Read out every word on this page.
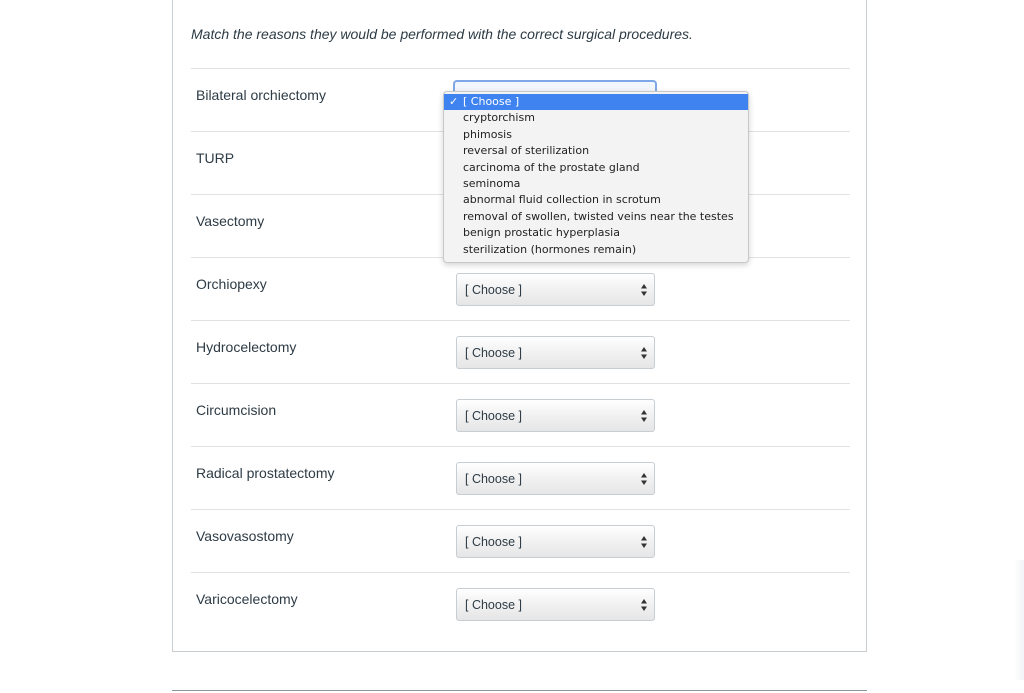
Match the reasons they would be performed with the correct surgical procedures.
Bilateral orchiectomy
TURP
Vasectomy
Orchiopexy	[ Choose ]
Hydrocelectomy	[ Choose ]
Circumcision	[ Choose ]
Radical prostatectomy	[ Choose ]
Vasovasostomy	[ Choose ]
Varicocelectomy	[ Choose ]
✓ [ Choose ]
cryptorchism
phimosis
reversal of sterilization
carcinoma of the prostate gland
seminoma
abnormal fluid collection in scrotum
removal of swollen, twisted veins near the testes
benign prostatic hyperplasia
sterilization (hormones remain)
